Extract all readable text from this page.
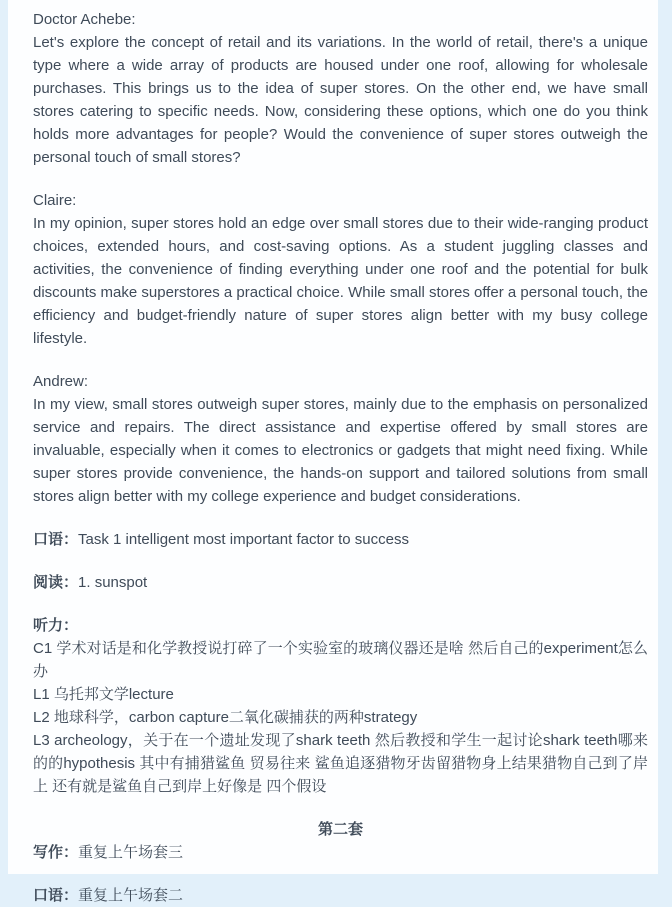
Doctor Achebe:

Let's explore the concept of retail and its variations. In the world of retail, there's a unique type where a wide array of products are housed under one roof, allowing for wholesale purchases. This brings us to the idea of super stores. On the other end, we have small stores catering to specific needs. Now, considering these options, which one do you think holds more advantages for people? Would the convenience of super stores outweigh the personal touch of small stores?

Claire:

In my opinion, super stores hold an edge over small stores due to their wide-ranging product choices, extended hours, and cost-saving options. As a student juggling classes and activities, the convenience of finding everything under one roof and the potential for bulk discounts make superstores a practical choice. While small stores offer a personal touch, the efficiency and budget-friendly nature of super stores align better with my busy college lifestyle.

Andrew:

In my view, small stores outweigh super stores, mainly due to the emphasis on personalized service and repairs. The direct assistance and expertise offered by small stores are invaluable, especially when it comes to electronics or gadgets that might need fixing. While super stores provide convenience, the hands-on support and tailored solutions from small stores align better with my college experience and budget considerations.

口语：Task 1 intelligent most important factor to success

阅读：1. sunspot

听力：

C1 学术对话是和化学教授说打碎了一个实验室的玻璃仪器还是啥 然后自己的experiment怎么办

L1 乌托邦文学lecture

L2 地球科学，carbon capture二氧化碳捕获的两种strategy

L3 archeology，关于在一个遗址发现了shark teeth 然后教授和学生一起讨论shark teeth哪来的的hypothesis 其中有捕猎鲨鱼 贸易往来 鲨鱼追逐猎物牙齿留猎物身上结果猎物自己到了岸上 还有就是鲨鱼自己到岸上好像是 四个假设

第二套

写作：重复上午场套三

口语：重复上午场套二
